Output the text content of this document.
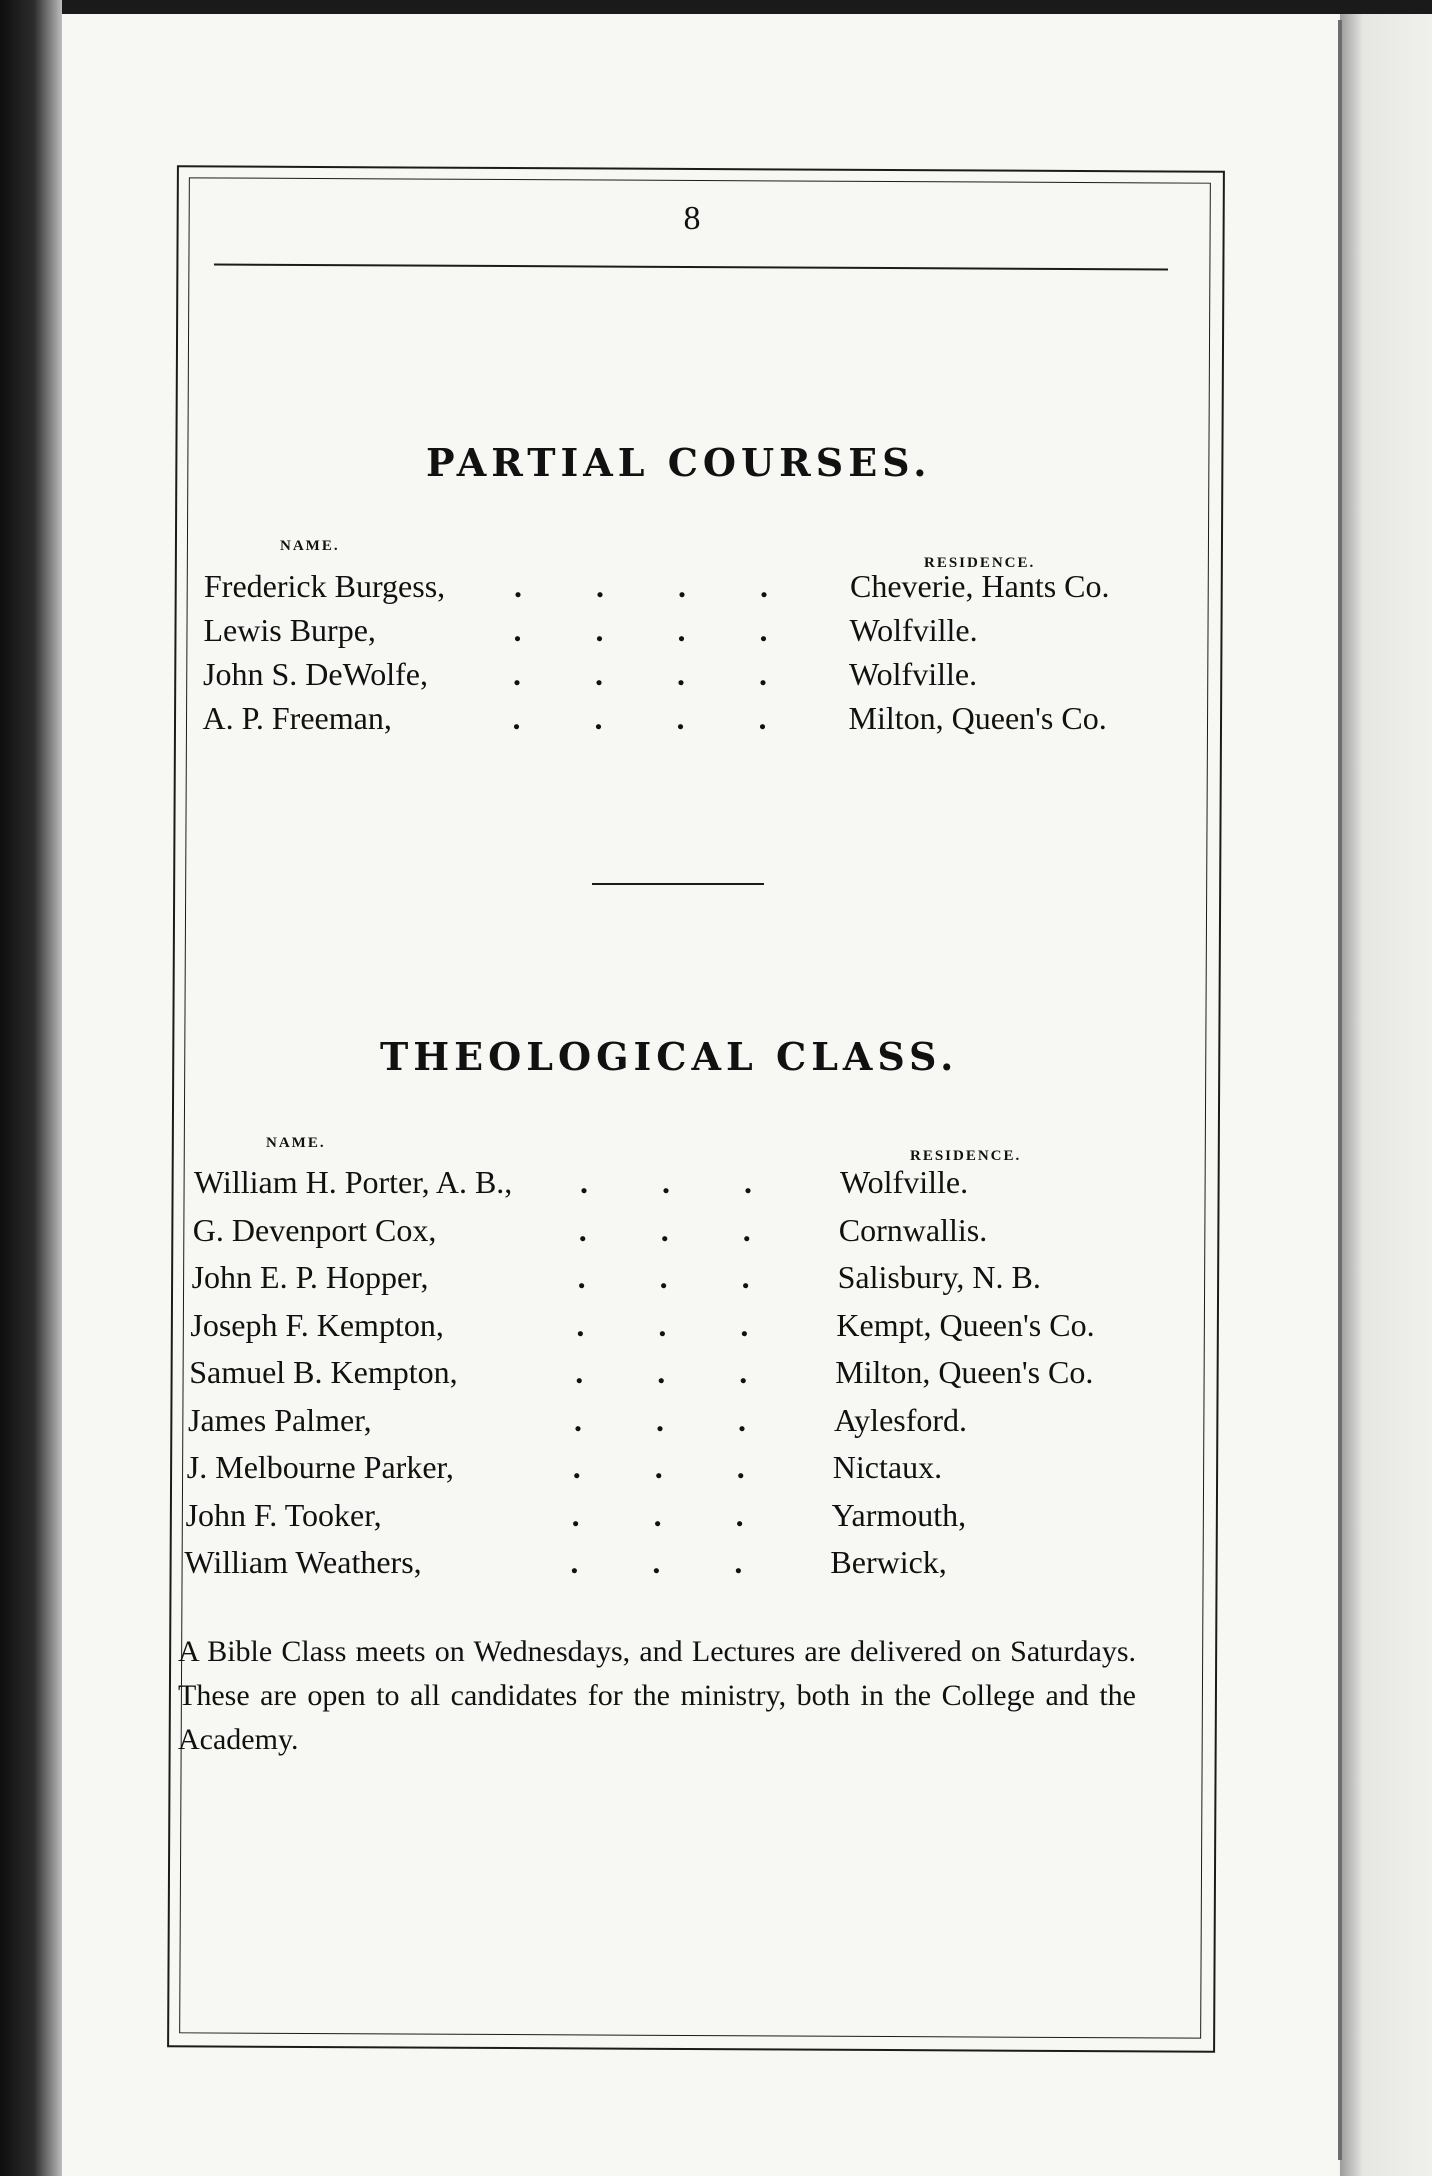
8
PARTIAL COURSES.
NAME.
RESIDENCE.
Frederick Burgess, . . . .	Cheverie, Hants Co.
Lewis Burpe,	. . . .	Wolfville.
John S. DeWolfe,	. . . .	Wolfville.
A. P. Freeman,	. . . .	Milton, Queen's Co.
THEOLOGICAL CLASS.
NAME.
RESIDENCE.
William H. Porter, A. B., . . .	Wolfville.
G. Devenport Cox,	. . .	Cornwallis.
John E. P. Hopper,	. . .	Salisbury, N. B.
Joseph F. Kempton,	. . .	Kempt, Queen's Co.
Samuel B. Kempton,	. . .	Milton, Queen's Co.
James Palmer,	. . .	Aylesford.
J. Melbourne Parker,	. . .	Nictaux.
John F. Tooker,	. . .	Yarmouth,
William Weathers,	. . .	Berwick,
A Bible Class meets on Wednesdays, and Lectures are delivered on Saturdays. These are open to all candidates for the ministry, both in the College and the Academy.
